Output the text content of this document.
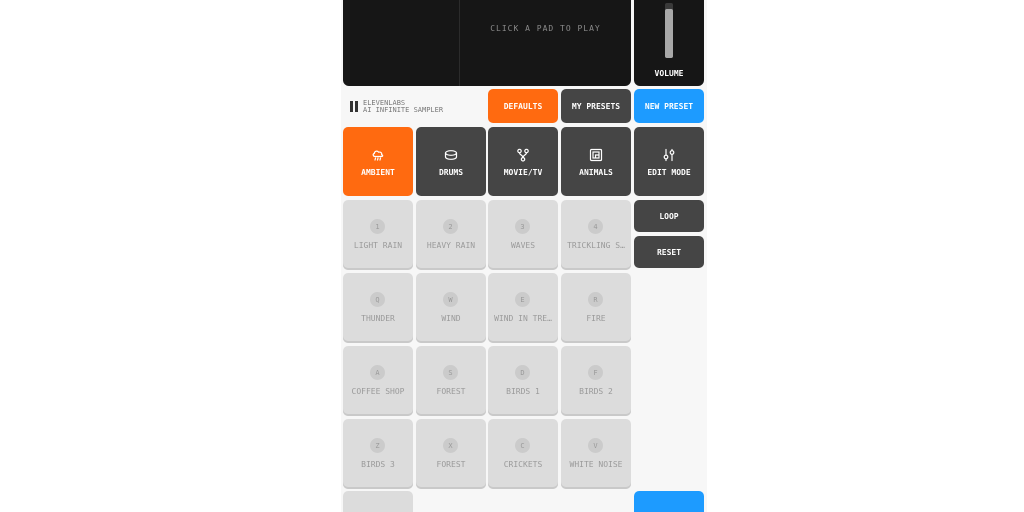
CLICK A PAD TO PLAY
VOLUME
ELEVENLABS
AI INFINITE SAMPLER	DEFAULTS	MY PRESETS	NEW PRESET
AMBIENT	DRUMS	MOVIE/TV	ANIMALS	EDIT MODE
LOOP
RESET
1
LIGHT RAIN
2
HEAVY RAIN
3
WAVES
4
TRICKLING S…
Q
THUNDER
W
WIND
E
WIND IN TRE…
R
FIRE
A
COFFEE SHOP
S
FOREST
D
BIRDS 1
F
BIRDS 2
Z
BIRDS 3
X
FOREST
C
CRICKETS
V
WHITE NOISE
